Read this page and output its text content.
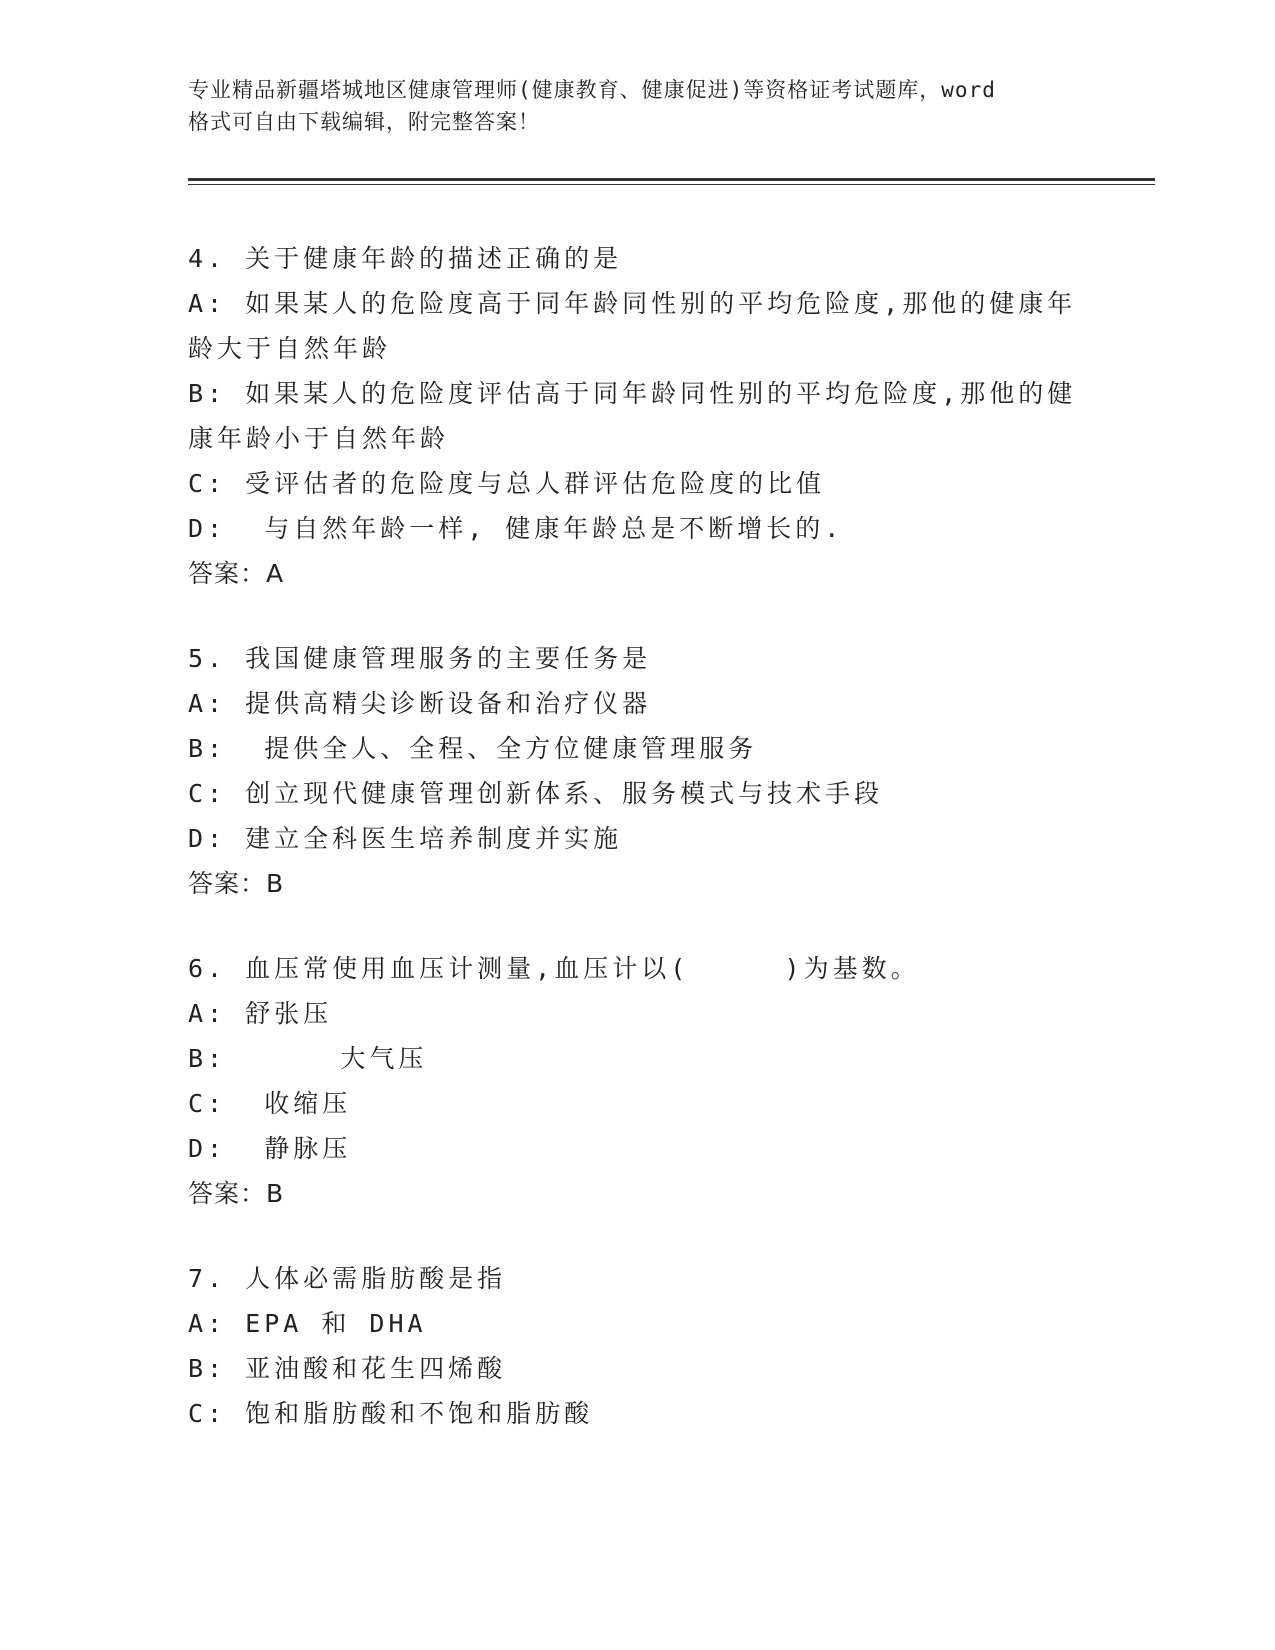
专业精品新疆塔城地区健康管理师(健康教育、健康促进)等资格证考试题库，word
格式可自由下载编辑，附完整答案！
4. 关于健康年龄的描述正确的是
A: 如果某人的危险度高于同年龄同性别的平均危险度,那他的健康年
龄大于自然年龄
B: 如果某人的危险度评估高于同年龄同性别的平均危险度,那他的健
康年龄小于自然年龄
C: 受评估者的危险度与总人群评估危险度的比值
D:  与自然年龄一样, 健康年龄总是不断增长的.
答案：A
5. 我国健康管理服务的主要任务是
A: 提供高精尖诊断设备和治疗仪器
B:  提供全人、全程、全方位健康管理服务
C: 创立现代健康管理创新体系、服务模式与技术手段
D: 建立全科医生培养制度并实施
答案：B
6. 血压常使用血压计测量,血压计以(     )为基数。
A: 舒张压
B:      大气压
C:  收缩压
D:  静脉压
答案：B
7. 人体必需脂肪酸是指
A: EPA 和 DHA
B: 亚油酸和花生四烯酸
C: 饱和脂肪酸和不饱和脂肪酸
